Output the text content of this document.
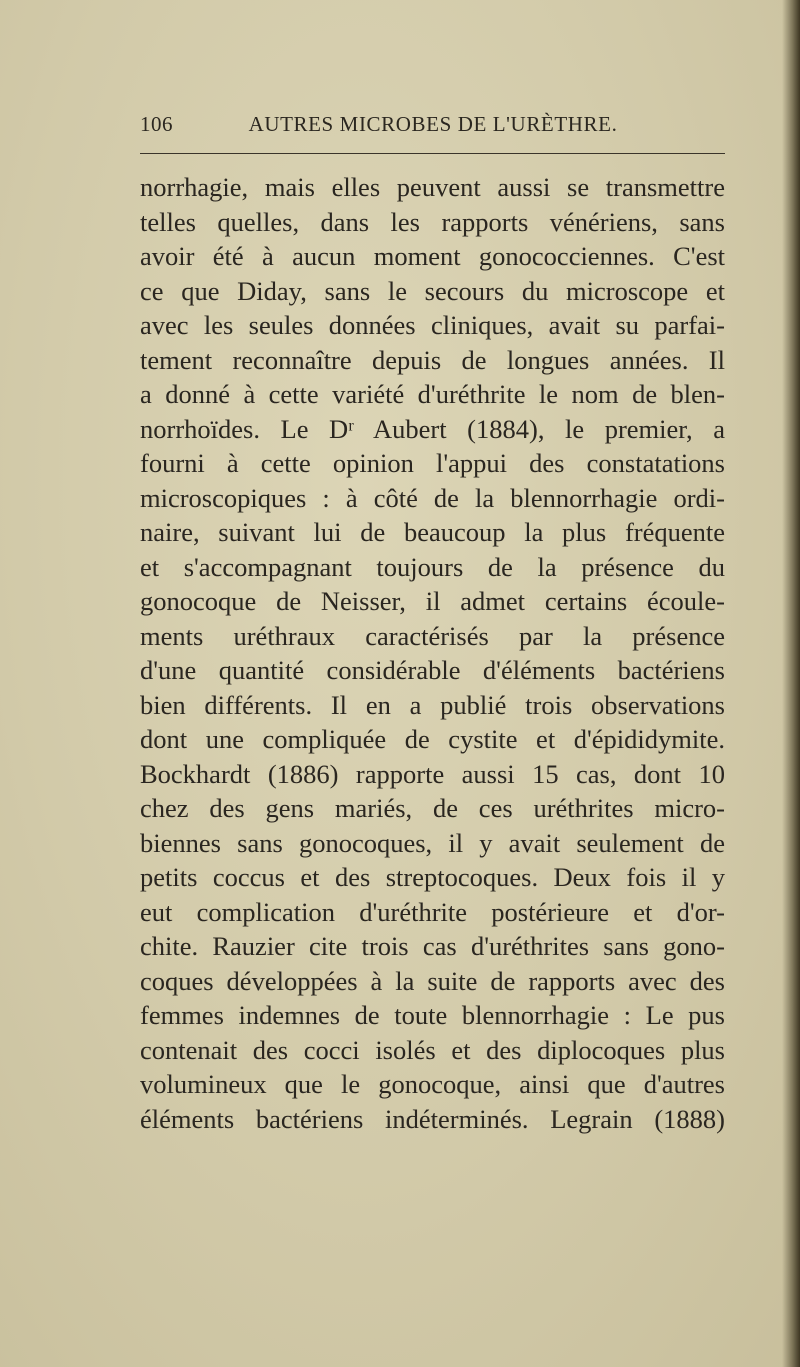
106	AUTRES MICROBES DE L'URÈTHRE.
norrhagie, mais elles peuvent aussi se transmettre
telles quelles, dans les rapports vénériens, sans
avoir été à aucun moment gonococciennes. C'est
ce que Diday, sans le secours du microscope et
avec les seules données cliniques, avait su parfai-
tement reconnaître depuis de longues années. Il
a donné à cette variété d'uréthrite le nom de blen-
norrhoïdes. Le Dʳ Aubert (1884), le premier, a
fourni à cette opinion l'appui des constatations
microscopiques : à côté de la blennorrhagie ordi-
naire, suivant lui de beaucoup la plus fréquente
et s'accompagnant toujours de la présence du
gonocoque de Neisser, il admet certains écoule-
ments uréthraux caractérisés par la présence
d'une quantité considérable d'éléments bactériens
bien différents. Il en a publié trois observations
dont une compliquée de cystite et d'épididymite.
Bockhardt (1886) rapporte aussi 15 cas, dont 10
chez des gens mariés, de ces uréthrites micro-
biennes sans gonocoques, il y avait seulement de
petits coccus et des streptocoques. Deux fois il y
eut complication d'uréthrite postérieure et d'or-
chite. Rauzier cite trois cas d'uréthrites sans gono-
coques développées à la suite de rapports avec des
femmes indemnes de toute blennorrhagie : Le pus
contenait des cocci isolés et des diplocoques plus
volumineux que le gonocoque, ainsi que d'autres
éléments bactériens indéterminés. Legrain (1888)
